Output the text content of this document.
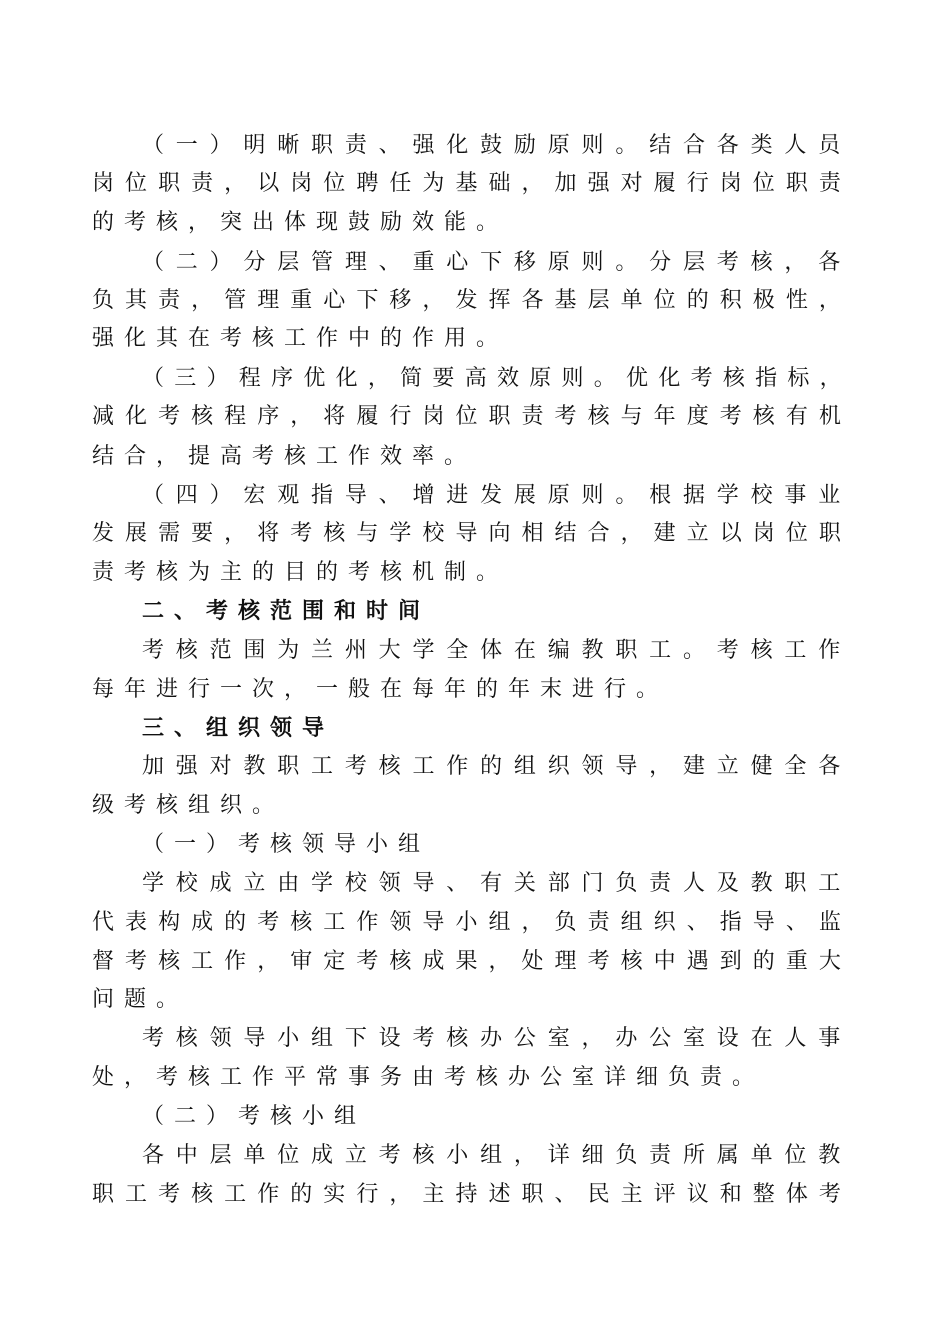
（一）明晰职责、强化鼓励原则。结合各类人员
岗位职责，以岗位聘任为基础，加强对履行岗位职责
的考核，突出体现鼓励效能。
（二）分层管理、重心下移原则。分层考核，各
负其责，管理重心下移，发挥各基层单位的积极性，
强化其在考核工作中的作用。
（三）程序优化，简要高效原则。优化考核指标，
减化考核程序，将履行岗位职责考核与年度考核有机
结合，提高考核工作效率。
（四）宏观指导、增进发展原则。根据学校事业
发展需要，将考核与学校导向相结合，建立以岗位职
责考核为主的目的考核机制。
二、考核范围和时间
考核范围为兰州大学全体在编教职工。考核工作
每年进行一次，一般在每年的年末进行。
三、组织领导
加强对教职工考核工作的组织领导，建立健全各
级考核组织。
（一）考核领导小组
学校成立由学校领导、有关部门负责人及教职工
代表构成的考核工作领导小组，负责组织、指导、监
督考核工作，审定考核成果，处理考核中遇到的重大
问题。
考核领导小组下设考核办公室，办公室设在人事
处，考核工作平常事务由考核办公室详细负责。
（二）考核小组
各中层单位成立考核小组，详细负责所属单位教
职工考核工作的实行，主持述职、民主评议和整体考
